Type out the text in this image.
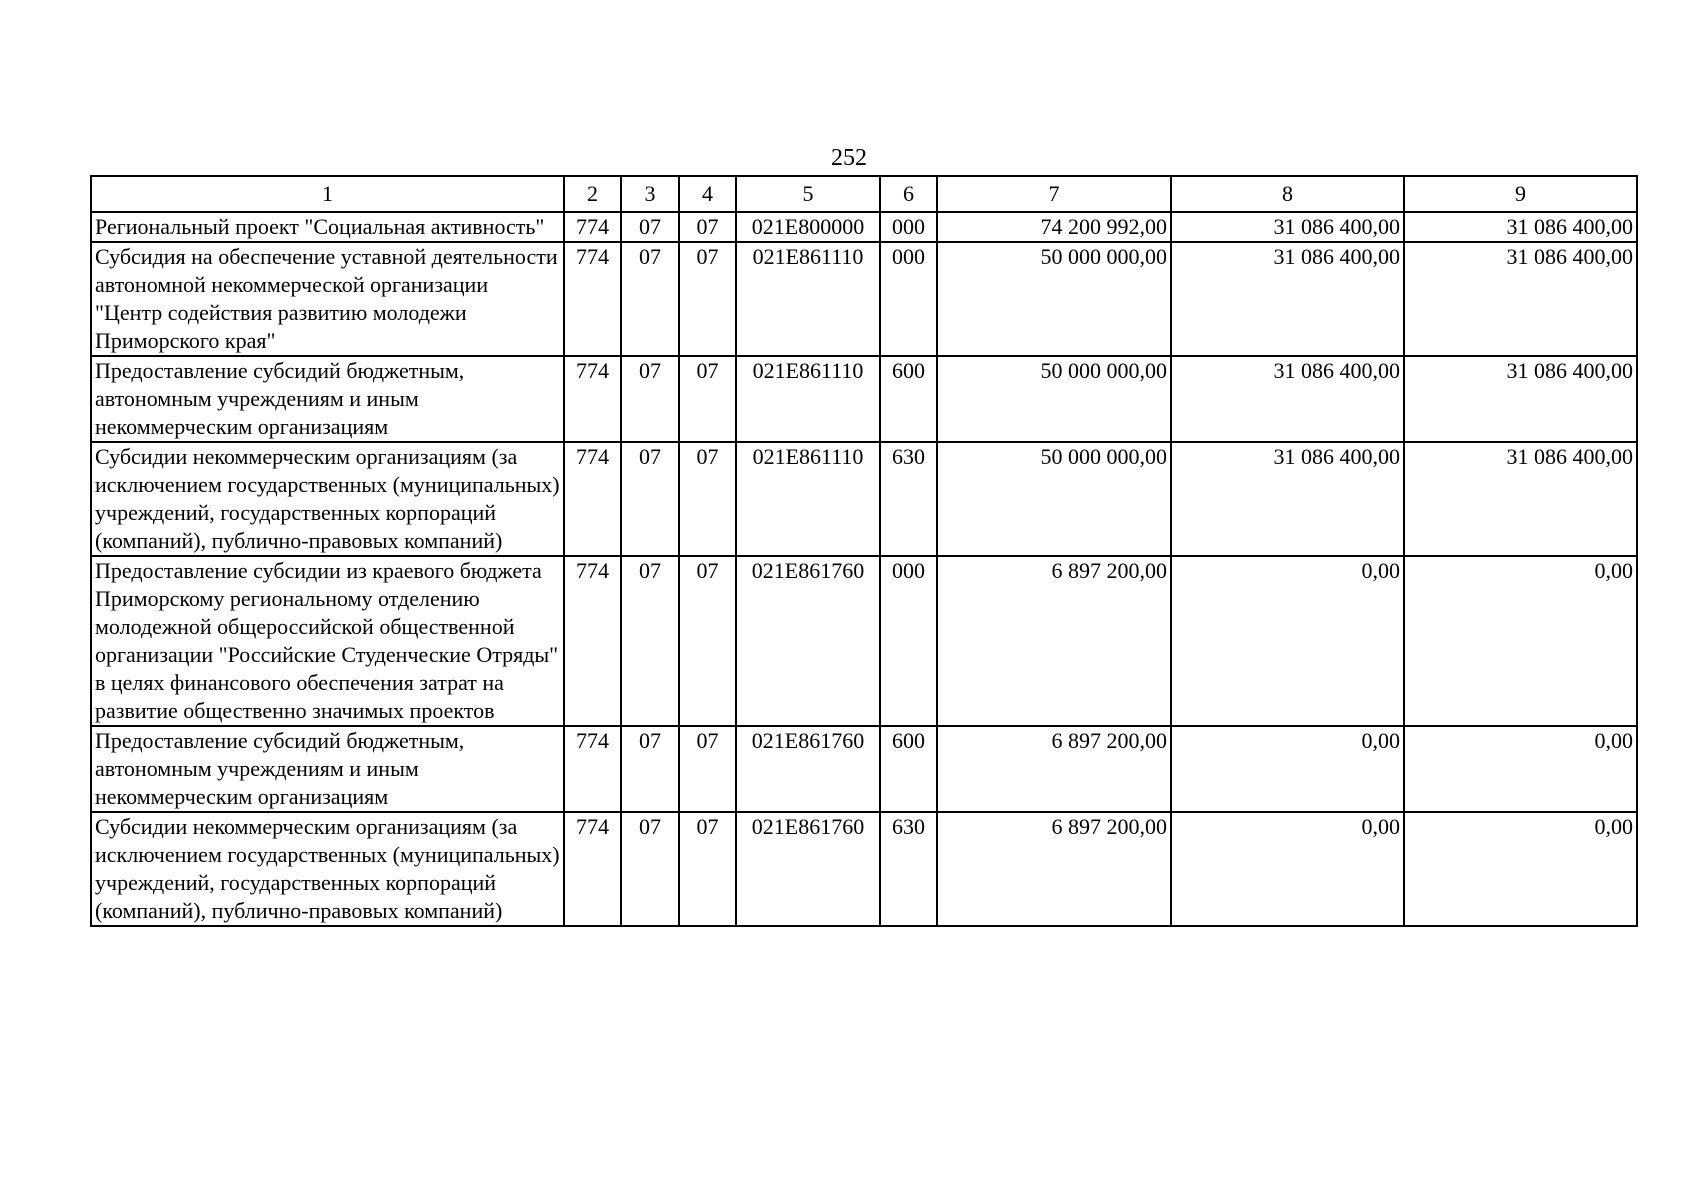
252
1	2	3	4	5	6	7	8	9
Региональный проект "Социальная активность"	774	07	07	021E800000	000	74 200 992,00	31 086 400,00	31 086 400,00
Субсидия на обеспечение уставной деятельности автономной некоммерческой организации "Центр содействия развитию молодежи Приморского края"	774	07	07	021E861110	000	50 000 000,00	31 086 400,00	31 086 400,00
Предоставление субсидий бюджетным, автономным учреждениям и иным некоммерческим организациям	774	07	07	021E861110	600	50 000 000,00	31 086 400,00	31 086 400,00
Субсидии некоммерческим организациям (за исключением государственных (муниципальных) учреждений, государственных корпораций (компаний), публично-правовых компаний)	774	07	07	021E861110	630	50 000 000,00	31 086 400,00	31 086 400,00
Предоставление субсидии из краевого бюджета Приморскому региональному отделению молодежной общероссийской общественной организации "Российские Студенческие Отряды" в целях финансового обеспечения затрат на развитие общественно значимых проектов	774	07	07	021E861760	000	6 897 200,00	0,00	0,00
Предоставление субсидий бюджетным, автономным учреждениям и иным некоммерческим организациям	774	07	07	021E861760	600	6 897 200,00	0,00	0,00
Субсидии некоммерческим организациям (за исключением государственных (муниципальных) учреждений, государственных корпораций (компаний), публично-правовых компаний)	774	07	07	021E861760	630	6 897 200,00	0,00	0,00
